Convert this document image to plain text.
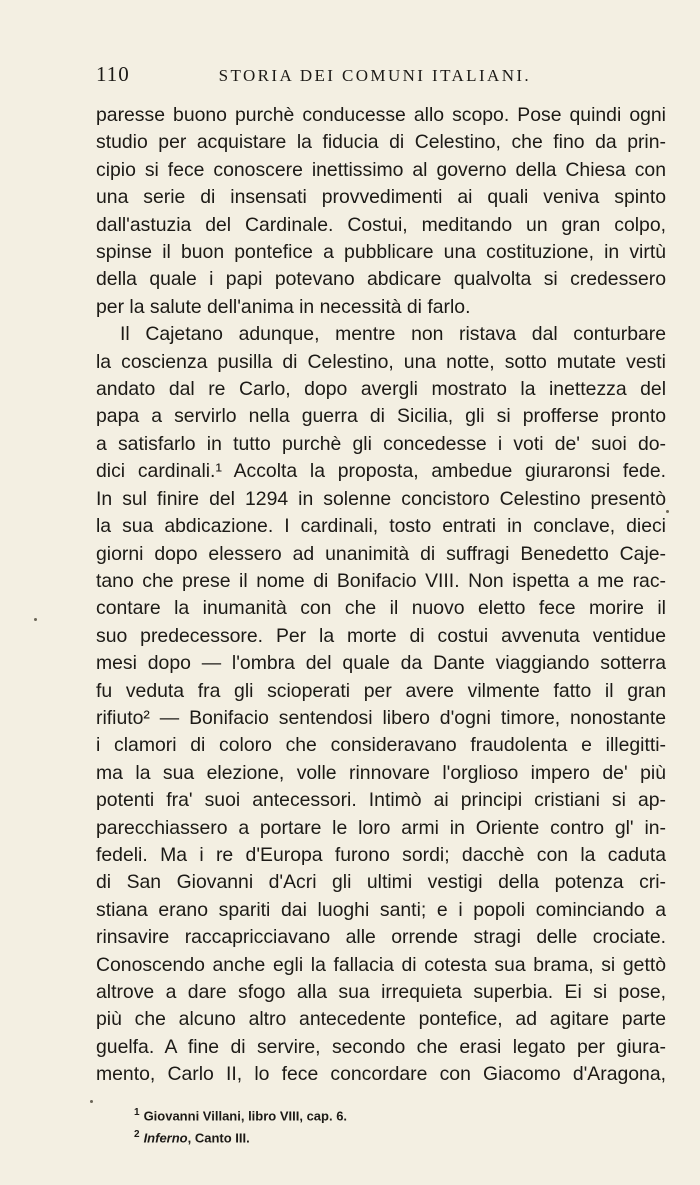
110	STORIA DEI COMUNI ITALIANI.
paresse buono purchè conducesse allo scopo. Pose quindi ogni
studio per acquistare la fiducia di Celestino, che fino da prin-
cipio si fece conoscere inettissimo al governo della Chiesa con
una serie di insensati provvedimenti ai quali veniva spinto
dall'astuzia del Cardinale. Costui, meditando un gran colpo,
spinse il buon pontefice a pubblicare una costituzione, in virtù
della quale i papi potevano abdicare qualvolta si credessero
per la salute dell'anima in necessità di farlo.
Il Cajetano adunque, mentre non ristava dal conturbare
la coscienza pusilla di Celestino, una notte, sotto mutate vesti
andato dal re Carlo, dopo avergli mostrato la inettezza del
papa a servirlo nella guerra di Sicilia, gli si profferse pronto
a satisfarlo in tutto purchè gli concedesse i voti de' suoi do-
dici cardinali.¹ Accolta la proposta, ambedue giuraronsi fede.
In sul finire del 1294 in solenne concistoro Celestino presentò
la sua abdicazione. I cardinali, tosto entrati in conclave, dieci
giorni dopo elessero ad unanimità di suffragi Benedetto Caje-
tano che prese il nome di Bonifacio VIII. Non ispetta a me rac-
contare la inumanità con che il nuovo eletto fece morire il
suo predecessore. Per la morte di costui avvenuta ventidue
mesi dopo — l'ombra del quale da Dante viaggiando sotterra
fu veduta fra gli scioperati per avere vilmente fatto il gran
rifiuto² — Bonifacio sentendosi libero d'ogni timore, nonostante
i clamori di coloro che consideravano fraudolenta e illegitti-
ma la sua elezione, volle rinnovare l'orglioso impero de' più
potenti fra' suoi antecessori. Intimò ai principi cristiani si ap-
parecchiassero a portare le loro armi in Oriente contro gl' in-
fedeli. Ma i re d'Europa furono sordi; dacchè con la caduta
di San Giovanni d'Acri gli ultimi vestigi della potenza cri-
stiana erano spariti dai luoghi santi; e i popoli cominciando a
rinsavire raccapricciavano alle orrende stragi delle crociate.
Conoscendo anche egli la fallacia di cotesta sua brama, si gettò
altrove a dare sfogo alla sua irrequieta superbia. Ei si pose,
più che alcuno altro antecedente pontefice, ad agitare parte
guelfa. A fine di servire, secondo che erasi legato per giura-
mento, Carlo II, lo fece concordare con Giacomo d'Aragona,
$^1$ Giovanni Villani, libro VIII, cap. 6.
$^2$ Inferno, Canto III.
